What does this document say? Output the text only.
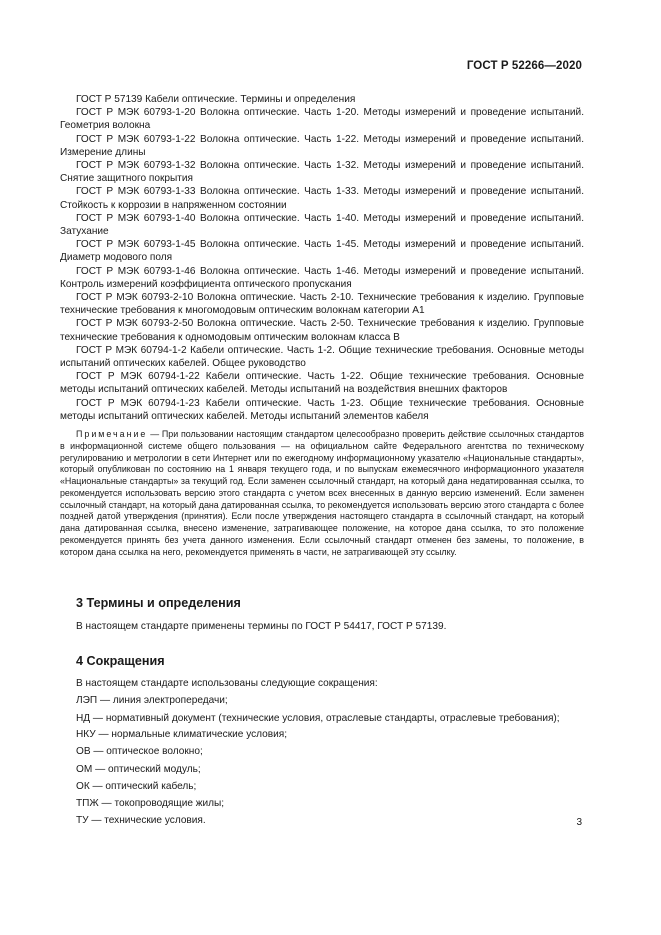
ГОСТ Р 52266—2020

ГОСТ Р 57139 Кабели оптические. Термины и определения

ГОСТ Р МЭК 60793-1-20 Волокна оптические. Часть 1-20. Методы измерений и проведение испытаний. Геометрия волокна

ГОСТ Р МЭК 60793-1-22 Волокна оптические. Часть 1-22. Методы измерений и проведение испытаний. Измерение длины

ГОСТ Р МЭК 60793-1-32 Волокна оптические. Часть 1-32. Методы измерений и проведение испытаний. Снятие защитного покрытия

ГОСТ Р МЭК 60793-1-33 Волокна оптические. Часть 1-33. Методы измерений и проведение испытаний. Стойкость к коррозии в напряженном состоянии

ГОСТ Р МЭК 60793-1-40 Волокна оптические. Часть 1-40. Методы измерений и проведение испытаний. Затухание

ГОСТ Р МЭК 60793-1-45 Волокна оптические. Часть 1-45. Методы измерений и проведение испытаний. Диаметр модового поля

ГОСТ Р МЭК 60793-1-46 Волокна оптические. Часть 1-46. Методы измерений и проведение испытаний. Контроль измерений коэффициента оптического пропускания

ГОСТ Р МЭК 60793-2-10 Волокна оптические. Часть 2-10. Технические требования к изделию. Групповые технические требования к многомодовым оптическим волокнам категории A1

ГОСТ Р МЭК 60793-2-50 Волокна оптические. Часть 2-50. Технические требования к изделию. Групповые технические требования к одномодовым оптическим волокнам класса B

ГОСТ Р МЭК 60794-1-2 Кабели оптические. Часть 1-2. Общие технические требования. Основные методы испытаний оптических кабелей. Общее руководство

ГОСТ Р МЭК 60794-1-22 Кабели оптические. Часть 1-22. Общие технические требования. Основные методы испытаний оптических кабелей. Методы испытаний на воздействия внешних факторов

ГОСТ Р МЭК 60794-1-23 Кабели оптические. Часть 1-23. Общие технические требования. Основные методы испытаний оптических кабелей. Методы испытаний элементов кабеля

Примечание — При пользовании настоящим стандартом целесообразно проверить действие ссылочных стандартов в информационной системе общего пользования — на официальном сайте Федерального агентства по техническому регулированию и метрологии в сети Интернет или по ежегодному информационному указателю «Национальные стандарты», который опубликован по состоянию на 1 января текущего года, и по выпускам ежемесячного информационного указателя «Национальные стандарты» за текущий год. Если заменен ссылочный стандарт, на который дана недатированная ссылка, то рекомендуется использовать версию этого стандарта с учетом всех внесенных в данную версию изменений. Если заменен ссылочный стандарт, на который дана датированная ссылка, то рекомендуется использовать версию этого стандарта с более поздней датой утверждения (принятия). Если после утверждения настоящего стандарта в ссылочный стандарт, на который дана датированная ссылка, внесено изменение, затрагивающее положение, на которое дана ссылка, то это положение рекомендуется принять без учета данного изменения. Если ссылочный стандарт отменен без замены, то положение, в котором дана ссылка на него, рекомендуется применять в части, не затрагивающей эту ссылку.

3 Термины и определения

В настоящем стандарте применены термины по ГОСТ Р 54417, ГОСТ Р 57139.

4 Сокращения

В настоящем стандарте использованы следующие сокращения:

ЛЭП — линия электропередачи;

НД — нормативный документ (технические условия, отраслевые стандарты, отраслевые требования);

НКУ — нормальные климатические условия;

ОВ — оптическое волокно;

ОМ — оптический модуль;

ОК — оптический кабель;

ТПЖ — токопроводящие жилы;

ТУ — технические условия.	3
